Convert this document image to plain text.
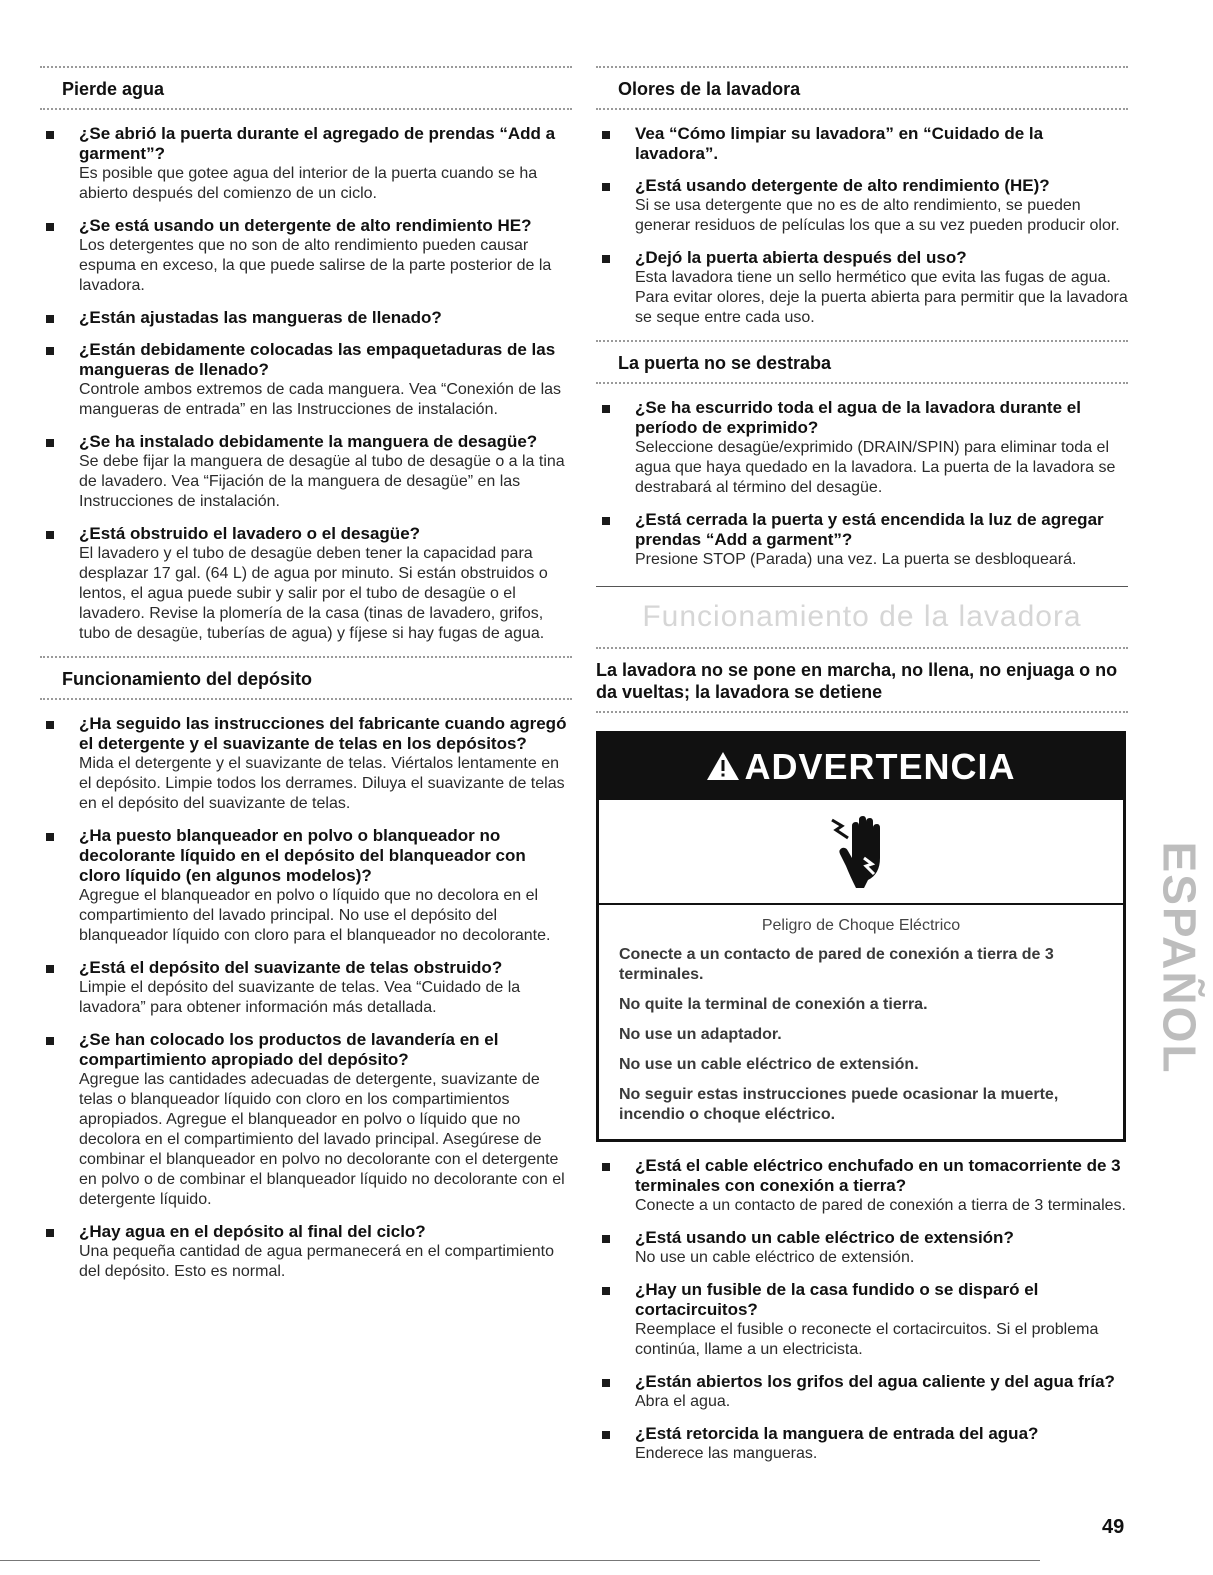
Pierde agua
¿Se abrió la puerta durante el agregado de prendas “Add a garment”?
Es posible que gotee agua del interior de la puerta cuando se ha abierto después del comienzo de un ciclo.
¿Se está usando un detergente de alto rendimiento HE?
Los detergentes que no son de alto rendimiento pueden causar espuma en exceso, la que puede salirse de la parte posterior de la lavadora.
¿Están ajustadas las mangueras de llenado?
¿Están debidamente colocadas las empaquetaduras de las mangueras de llenado?
Controle ambos extremos de cada manguera. Vea “Conexión de las mangueras de entrada” en las Instrucciones de instalación.
¿Se ha instalado debidamente la manguera de desagüe?
Se debe fijar la manguera de desagüe al tubo de desagüe o a la tina de lavadero. Vea “Fijación de la manguera de desagüe” en las Instrucciones de instalación.
¿Está obstruido el lavadero o el desagüe?
El lavadero y el tubo de desagüe deben tener la capacidad para desplazar 17 gal. (64 L) de agua por minuto. Si están obstruidos o lentos, el agua puede subir y salir por el tubo de desagüe o el lavadero. Revise la plomería de la casa (tinas de lavadero, grifos, tubo de desagüe, tuberías de agua) y fíjese si hay fugas de agua.
Funcionamiento del depósito
¿Ha seguido las instrucciones del fabricante cuando agregó el detergente y el suavizante de telas en los depósitos?
Mida el detergente y el suavizante de telas. Viértalos lentamente en el depósito. Limpie todos los derrames. Diluya el suavizante de telas en el depósito del suavizante de telas.
¿Ha puesto blanqueador en polvo o blanqueador no decolorante líquido en el depósito del blanqueador con cloro líquido (en algunos modelos)?
Agregue el blanqueador en polvo o líquido que no decolora en el compartimiento del lavado principal. No use el depósito del blanqueador líquido con cloro para el blanqueador no decolorante.
¿Está el depósito del suavizante de telas obstruido?
Limpie el depósito del suavizante de telas. Vea “Cuidado de la lavadora” para obtener información más detallada.
¿Se han colocado los productos de lavandería en el compartimiento apropiado del depósito?
Agregue las cantidades adecuadas de detergente, suavizante de telas o blanqueador líquido con cloro en los compartimientos apropiados. Agregue el blanqueador en polvo o líquido que no decolora en el compartimiento del lavado principal. Asegúrese de combinar el blanqueador en polvo no decolorante con el detergente en polvo o de combinar el blanqueador líquido no decolorante con el detergente líquido.
¿Hay agua en el depósito al final del ciclo?
Una pequeña cantidad de agua permanecerá en el compartimiento del depósito. Esto es normal.
Olores de la lavadora
Vea “Cómo limpiar su lavadora” en “Cuidado de la lavadora”.
¿Está usando detergente de alto rendimiento (HE)?
Si se usa detergente que no es de alto rendimiento, se pueden generar residuos de películas los que a su vez pueden producir olor.
¿Dejó la puerta abierta después del uso?
Esta lavadora tiene un sello hermético que evita las fugas de agua. Para evitar olores, deje la puerta abierta para permitir que la lavadora se seque entre cada uso.
La puerta no se destraba
¿Se ha escurrido toda el agua de la lavadora durante el período de exprimido?
Seleccione desagüe/exprimido (DRAIN/SPIN) para eliminar toda el agua que haya quedado en la lavadora. La puerta de la lavadora se destrabará al término del desagüe.
¿Está cerrada la puerta y está encendida la luz de agregar prendas “Add a garment”?
Presione STOP (Parada) una vez. La puerta se desbloqueará.
Funcionamiento de la lavadora
La lavadora no se pone en marcha, no llena, no enjuaga o no da vueltas; la lavadora se detiene
ADVERTENCIA

Peligro de Choque Eléctrico

Conecte a un contacto de pared de conexión a tierra de 3 terminales.

No quite la terminal de conexión a tierra.

No use un adaptador.

No use un cable eléctrico de extensión.

No seguir estas instrucciones puede ocasionar la muerte, incendio o choque eléctrico.

¿Está el cable eléctrico enchufado en un tomacorriente de 3 terminales con conexión a tierra?
Conecte a un contacto de pared de conexión a tierra de 3 terminales.
¿Está usando un cable eléctrico de extensión?
No use un cable eléctrico de extensión.
¿Hay un fusible de la casa fundido o se disparó el cortacircuitos?
Reemplace el fusible o reconecte el cortacircuitos. Si el problema continúa, llame a un electricista.
¿Están abiertos los grifos del agua caliente y del agua fría?
Abra el agua.
¿Está retorcida la manguera de entrada del agua?
Enderece las mangueras.
ESPAÑOL
49
